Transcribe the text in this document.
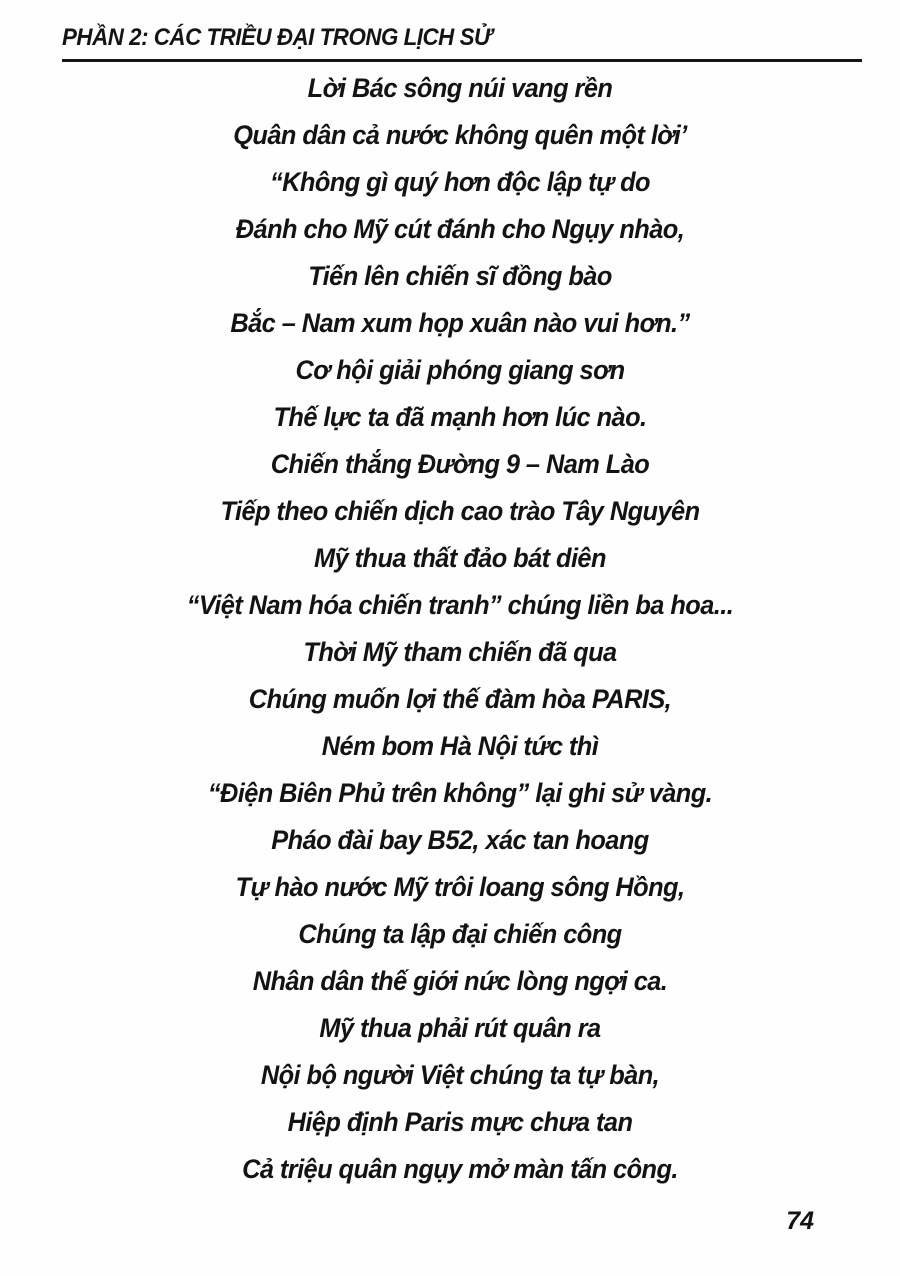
PHẦN 2: CÁC TRIỀU ĐẠI TRONG LỊCH SỬ
Lời Bác sông núi vang rền
Quân dân cả nước không quên một lời’
“Không gì quý hơn độc lập tự do
Đánh cho Mỹ cút đánh cho Ngụy nhào,
Tiến lên chiến sĩ đồng bào
Bắc – Nam xum họp xuân nào vui hơn.”
Cơ hội giải phóng giang sơn
Thế lực ta đã mạnh hơn lúc nào.
Chiến thắng Đường 9 – Nam Lào
Tiếp theo chiến dịch cao trào Tây Nguyên
Mỹ thua thất đảo bát diên
“Việt Nam hóa chiến tranh” chúng liền ba hoa...
Thời Mỹ tham chiến đã qua
Chúng muốn lợi thế đàm hòa PARIS,
Ném bom Hà Nội tức thì
“Điện Biên Phủ trên không” lại ghi sử vàng.
Pháo đài bay B52, xác tan hoang
Tự hào nước Mỹ trôi loang sông Hồng,
Chúng ta lập đại chiến công
Nhân dân thế giới nức lòng ngợi ca.
Mỹ thua phải rút quân ra
Nội bộ người Việt chúng ta tự bàn,
Hiệp định Paris mực chưa tan
Cả triệu quân ngụy mở màn tấn công.
74
